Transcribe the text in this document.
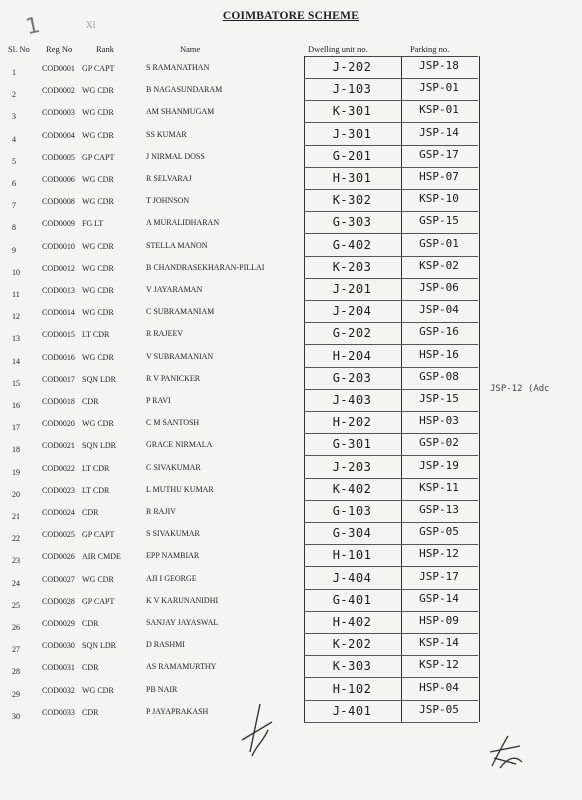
1	XI
COIMBATORE SCHEME
Sl. No Reg No	Rank	Name	Dwelling unit no.	Parking no.
1	COD0001 GP CAPT	S RAMANATHAN	J-202	JSP-18
2	COD0002 WG CDR	B NAGASUNDARAM	J-103	JSP-01
3	COD0003 WG CDR	AM SHANMUGAM	K-301	KSP-01
4	COD0004 WG CDR	SS KUMAR	J-301	JSP-14
5	COD0005 GP CAPT	J NIRMAL DOSS	G-201	GSP-17
6	COD0006 WG CDR	R SELVARAJ	H-301	HSP-07
7	COD0008 WG CDR	T JOHNSON	K-302	KSP-10
8	COD0009 FG LT	A MURALIDHARAN	G-303	GSP-15
9	COD0010 WG CDR	STELLA MANON	G-402	GSP-01
10	COD0012 WG CDR	B CHANDRASEKHARAN-PILLAI	K-203	KSP-02
11	COD0013 WG CDR	V JAYARAMAN	J-201	JSP-06
12	COD0014 WG CDR	C SUBRAMANIAM	J-204	JSP-04
13	COD0015 LT CDR	R RAJEEV	G-202	GSP-16
14	COD0016 WG CDR	V SUBRAMANIAN	H-204	HSP-16
15	COD0017 SQN LDR	R V PANICKER	G-203	GSP-08
16	COD0018 CDR	P RAVI	J-403	JSP-15
17	COD0020 WG CDR	C M SANTOSH	H-202	HSP-03
18	COD0021 SQN LDR	GRACE NIRMALA	G-301	GSP-02
19	COD0022 LT CDR	C SIVAKUMAR	J-203	JSP-19
20	COD0023 LT CDR	L MUTHU KUMAR	K-402	KSP-11
21	COD0024 CDR	R RAJIV	G-103	GSP-13
22	COD0025 GP CAPT	S SIVAKUMAR	G-304	GSP-05
23	COD0026 AIR CMDE	EPP NAMBIAR	H-101	HSP-12
24	COD0027 WG CDR	AJI I GEORGE	J-404	JSP-17
25	COD0028 GP CAPT	K V KARUNANIDHI	G-401	GSP-14
26	COD0029 CDR	SANJAY JAYASWAL	H-402	HSP-09
27	COD0030 SQN LDR	D RASHMI	K-202	KSP-14
28	COD0031 CDR	AS RAMAMURTHY	K-303	KSP-12
29	COD0032 WG CDR	PB NAIR	H-102	HSP-04
30	COD0033 CDR	P JAYAPRAKASH	J-401	JSP-05
JSP-12 (Adc
